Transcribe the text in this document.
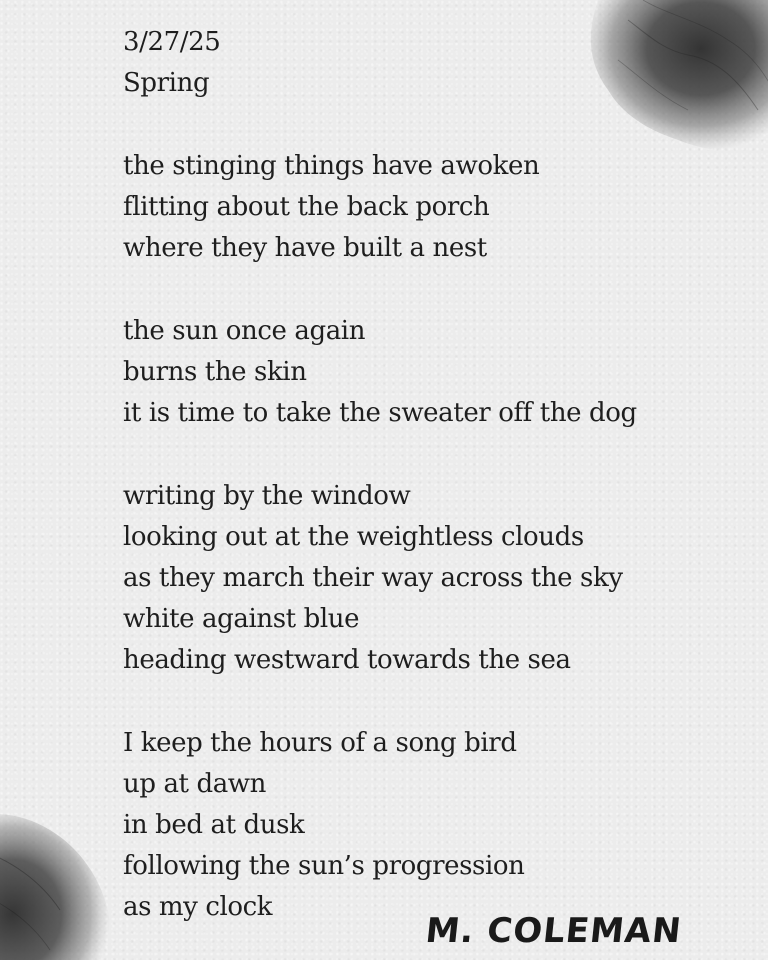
3/27/25
Spring
the stinging things have awoken
flitting about the back porch
where they have built a nest
the sun once again
burns the skin
it is time to take the sweater off the dog
writing by the window
looking out at the weightless clouds
as they march their way across the sky
white against blue
heading westward towards the sea
I keep the hours of a song bird
up at dawn
in bed at dusk
following the sun’s progression
as my clock
M. COLEMAN
